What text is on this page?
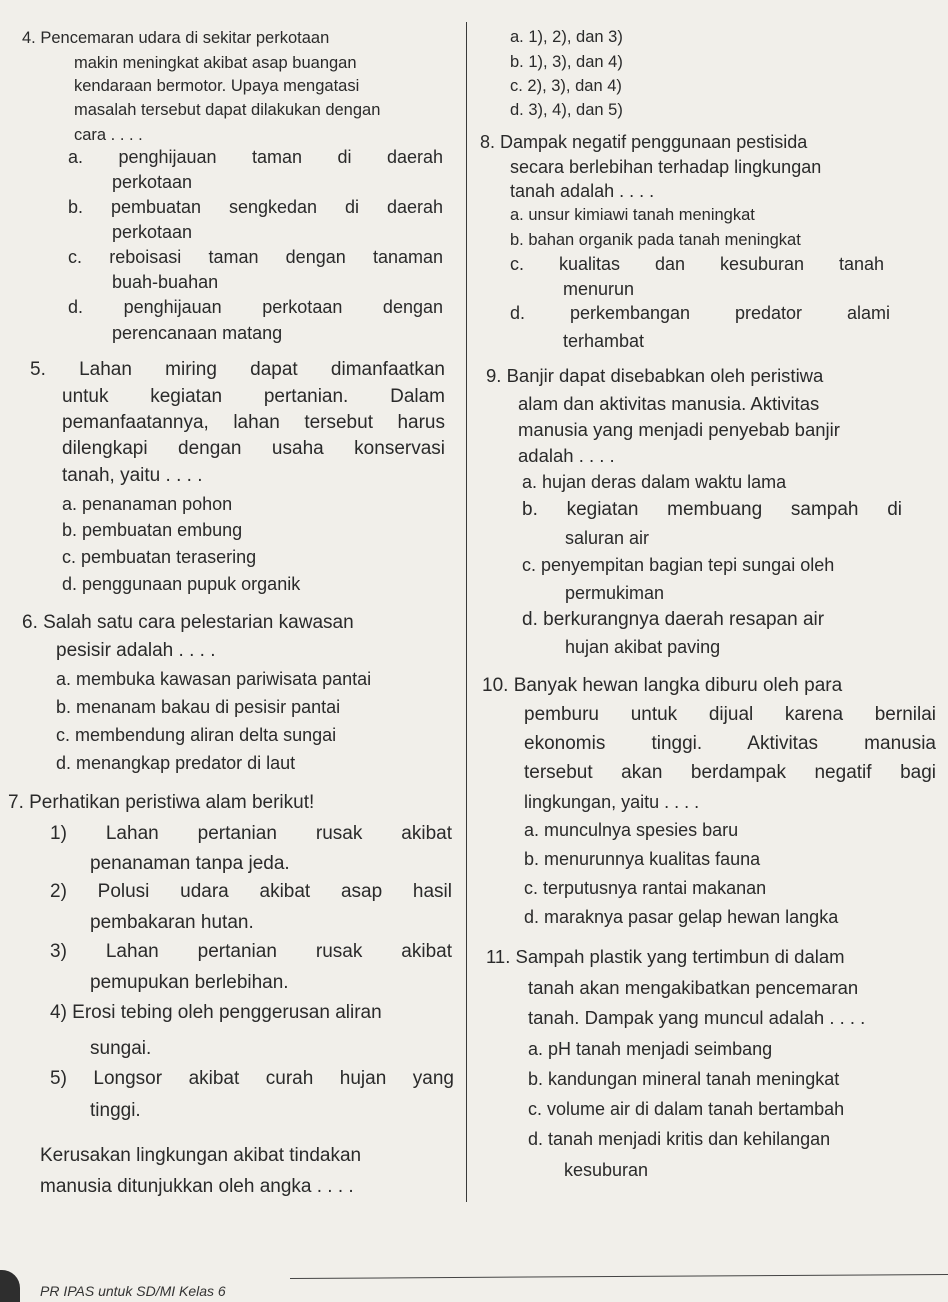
4. Pencemaran udara di sekitar perkotaan
makin meningkat akibat asap buangan
kendaraan bermotor. Upaya mengatasi
masalah tersebut dapat dilakukan dengan
cara . . . .
a. penghijauan taman di daerah
perkotaan
b. pembuatan sengkedan di daerah
perkotaan
c. reboisasi taman dengan tanaman
buah-buahan
d. penghijauan perkotaan dengan
perencanaan matang
5. Lahan miring dapat dimanfaatkan
untuk kegiatan pertanian. Dalam
pemanfaatannya, lahan tersebut harus
dilengkapi dengan usaha konservasi
tanah, yaitu . . . .
a. penanaman pohon
b. pembuatan embung
c. pembuatan terasering
d. penggunaan pupuk organik
6. Salah satu cara pelestarian kawasan
pesisir adalah . . . .
a. membuka kawasan pariwisata pantai
b. menanam bakau di pesisir pantai
c. membendung aliran delta sungai
d. menangkap predator di laut
7. Perhatikan peristiwa alam berikut!
1) Lahan pertanian rusak akibat
penanaman tanpa jeda.
2) Polusi udara akibat asap hasil
pembakaran hutan.
3) Lahan pertanian rusak akibat
pemupukan berlebihan.
4) Erosi tebing oleh penggerusan aliran
sungai.
5) Longsor akibat curah hujan yang
tinggi.
Kerusakan lingkungan akibat tindakan
manusia ditunjukkan oleh angka . . . .
a. 1), 2), dan 3)
b. 1), 3), dan 4)
c. 2), 3), dan 4)
d. 3), 4), dan 5)
8. Dampak negatif penggunaan pestisida
secara berlebihan terhadap lingkungan
tanah adalah . . . .
a. unsur kimiawi tanah meningkat
b. bahan organik pada tanah meningkat
c. kualitas dan kesuburan tanah
menurun
d. perkembangan predator alami
terhambat
9. Banjir dapat disebabkan oleh peristiwa
alam dan aktivitas manusia. Aktivitas
manusia yang menjadi penyebab banjir
adalah . . . .
a. hujan deras dalam waktu lama
b. kegiatan membuang sampah di
saluran air
c. penyempitan bagian tepi sungai oleh
permukiman
d. berkurangnya daerah resapan air
hujan akibat paving
10. Banyak hewan langka diburu oleh para
pemburu untuk dijual karena bernilai
ekonomis tinggi. Aktivitas manusia
tersebut akan berdampak negatif bagi
lingkungan, yaitu . . . .
a. munculnya spesies baru
b. menurunnya kualitas fauna
c. terputusnya rantai makanan
d. maraknya pasar gelap hewan langka
11. Sampah plastik yang tertimbun di dalam
tanah akan mengakibatkan pencemaran
tanah. Dampak yang muncul adalah . . . .
a. pH tanah menjadi seimbang
b. kandungan mineral tanah meningkat
c. volume air di dalam tanah bertambah
d. tanah menjadi kritis dan kehilangan
kesuburan
PR IPAS untuk SD/MI Kelas 6
